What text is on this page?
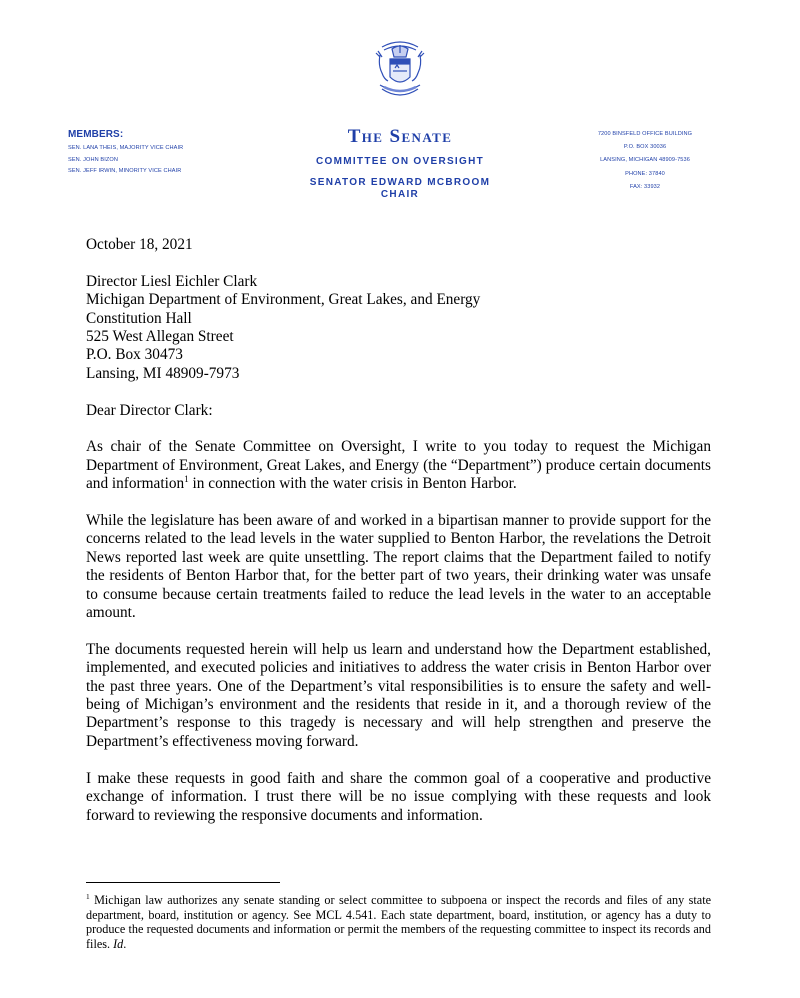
MEMBERS:
SEN. LANA THEIS, MAJORITY VICE CHAIR
SEN. JOHN BIZON
SEN. JEFF IRWIN, MINORITY VICE CHAIR
The Senate
COMMITTEE ON OVERSIGHT
SENATOR EDWARD MCBROOM
CHAIR
7200 BINSFELD OFFICE BUILDING
P.O. BOX 30036
LANSING, MICHIGAN 48909-7536
PHONE: 37840
FAX: 33932

October 18, 2021

Director Liesl Eichler Clark

Michigan Department of Environment, Great Lakes, and Energy

Constitution Hall

525 West Allegan Street

P.O. Box 30473

Lansing, MI 48909-7973

Dear Director Clark:

As chair of the Senate Committee on Oversight, I write to you today to request the Michigan Department of Environment, Great Lakes, and Energy (the “Department”) produce certain documents and information$^1$ in connection with the water crisis in Benton Harbor.

While the legislature has been aware of and worked in a bipartisan manner to provide support for the concerns related to the lead levels in the water supplied to Benton Harbor, the revelations the Detroit News reported last week are quite unsettling. The report claims that the Department failed to notify the residents of Benton Harbor that, for the better part of two years, their drinking water was unsafe to consume because certain treatments failed to reduce the lead levels in the water to an acceptable amount.

The documents requested herein will help us learn and understand how the Department established, implemented, and executed policies and initiatives to address the water crisis in Benton Harbor over the past three years. One of the Department’s vital responsibilities is to ensure the safety and well-being of Michigan’s environment and the residents that reside in it, and a thorough review of the Department’s response to this tragedy is necessary and will help strengthen and preserve the Department’s effectiveness moving forward.

I make these requests in good faith and share the common goal of a cooperative and productive exchange of information. I trust there will be no issue complying with these requests and look forward to reviewing the responsive documents and information.

$^1$ Michigan law authorizes any senate standing or select committee to subpoena or inspect the records and files of any state department, board, institution or agency. See MCL 4.541. Each state department, board, institution, or agency has a duty to produce the requested documents and information or permit the members of the requesting committee to inspect its records and files. Id.
